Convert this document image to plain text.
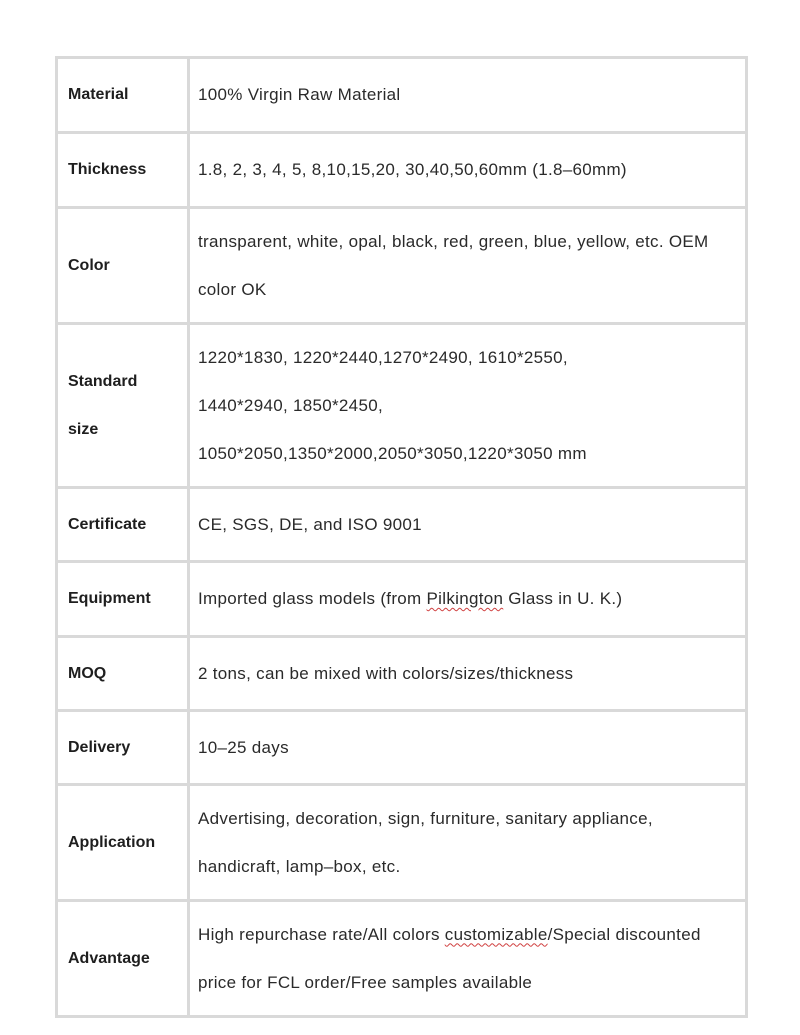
Material	100% Virgin Raw Material

Thickness	1.8, 2, 3, 4, 5, 8,10,15,20, 30,40,50,60mm (1.8–60mm)

Color	transparent, white, opal, black, red, green, blue, yellow, etc. OEM
color OK

Standard
size	1220*1830, 1220*2440,1270*2490, 1610*2550,
1440*2940, 1850*2450,
1050*2050,1350*2000,2050*3050,1220*3050 mm

Certificate	CE, SGS, DE, and ISO 9001

Equipment	Imported glass models (from Pilkington Glass in U. K.)

MOQ	2 tons, can be mixed with colors/sizes/thickness

Delivery	10–25 days

Application	Advertising, decoration, sign, furniture, sanitary appliance,
handicraft, lamp–box, etc.

Advantage	High repurchase rate/All colors customizable/Special discounted
price for FCL order/Free samples available
